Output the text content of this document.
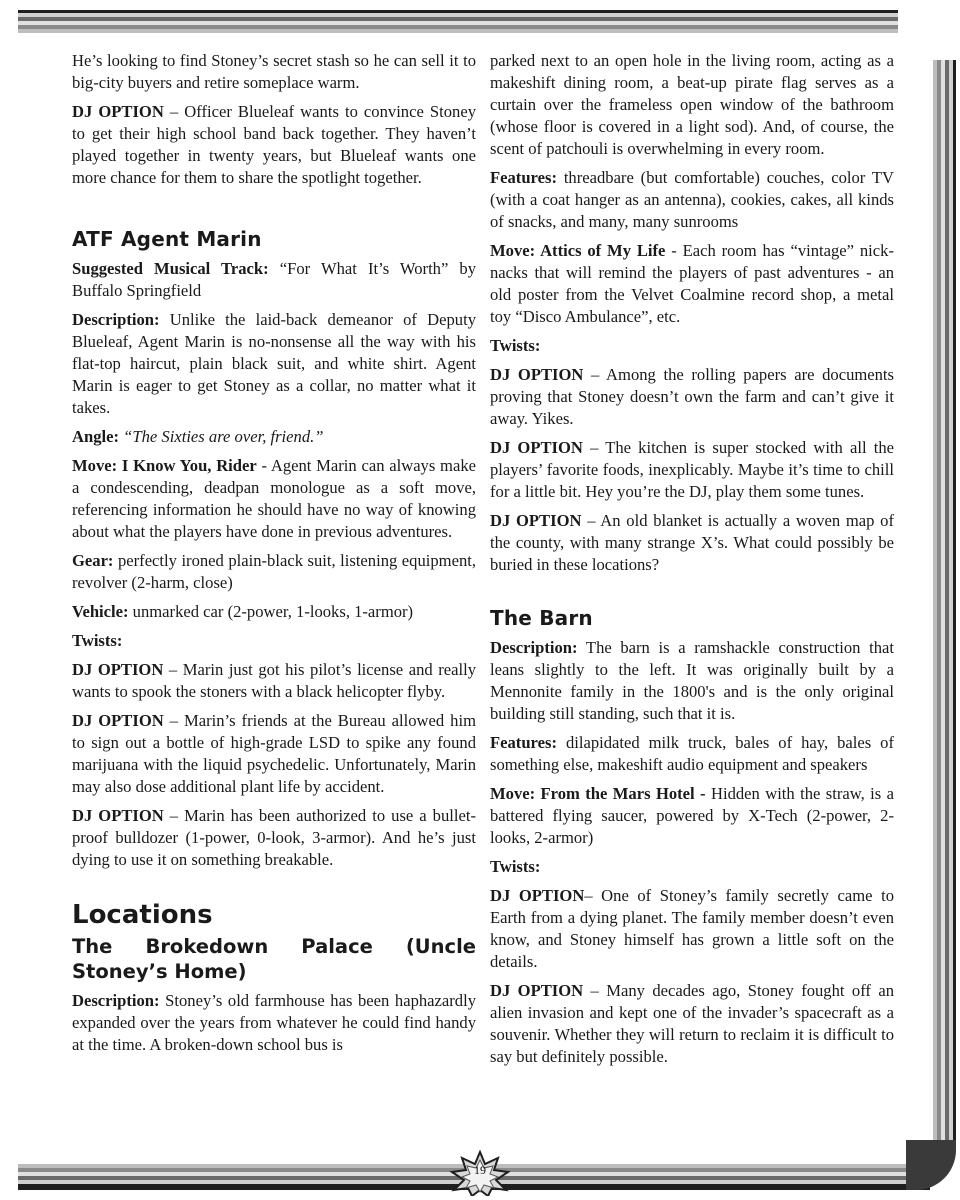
19

He’s looking to find Stoney’s secret stash so he can sell it to big-city buyers and retire someplace warm.

DJ OPTION – Officer Blueleaf wants to convince Stoney to get their high school band back together. They haven’t played together in twenty years, but Blueleaf wants one more chance for them to share the spotlight together.

ATF Agent Marin

Suggested Musical Track: “For What It’s Worth” by Buffalo Springfield

Description: Unlike the laid-back demeanor of Deputy Blueleaf, Agent Marin is no-nonsense all the way with his flat-top haircut, plain black suit, and white shirt. Agent Marin is eager to get Stoney as a collar, no matter what it takes.

Angle: “The Sixties are over, friend.”

Move: I Know You, Rider - Agent Marin can always make a condescending, deadpan monologue as a soft move, referencing information he should have no way of knowing about what the players have done in previous adventures.

Gear: perfectly ironed plain-black suit, listening equipment, revolver (2-harm, close)

Vehicle: unmarked car (2-power, 1-looks, 1-armor)

Twists:

DJ OPTION – Marin just got his pilot’s license and really wants to spook the stoners with a black helicopter flyby.

DJ OPTION – Marin’s friends at the Bureau allowed him to sign out a bottle of high-grade LSD to spike any found marijuana with the liquid psychedelic. Unfortunately, Marin may also dose additional plant life by accident.

DJ OPTION – Marin has been authorized to use a bullet-proof bulldozer (1-power, 0-look, 3-armor). And he’s just dying to use it on something breakable.

Locations
The Brokedown Palace (Uncle Stoney’s Home)

Description: Stoney’s old farmhouse has been haphazardly expanded over the years from whatever he could find handy at the time. A broken-down school bus is

parked next to an open hole in the living room, acting as a makeshift dining room, a beat-up pirate flag serves as a curtain over the frameless open window of the bathroom (whose floor is covered in a light sod). And, of course, the scent of patchouli is overwhelming in every room.

Features: threadbare (but comfortable) couches, color TV (with a coat hanger as an antenna), cookies, cakes, all kinds of snacks, and many, many sunrooms

Move: Attics of My Life - Each room has “vintage” nick-nacks that will remind the players of past adventures - an old poster from the Velvet Coalmine record shop, a metal toy “Disco Ambulance”, etc.

Twists:

DJ OPTION – Among the rolling papers are documents proving that Stoney doesn’t own the farm and can’t give it away. Yikes.

DJ OPTION – The kitchen is super stocked with all the players’ favorite foods, inexplicably. Maybe it’s time to chill for a little bit. Hey you’re the DJ, play them some tunes.

DJ OPTION – An old blanket is actually a woven map of the county, with many strange X’s. What could possibly be buried in these locations?

The Barn

Description: The barn is a ramshackle construction that leans slightly to the left. It was originally built by a Mennonite family in the 1800's and is the only original building still standing, such that it is.

Features: dilapidated milk truck, bales of hay, bales of something else, makeshift audio equipment and speakers

Move: From the Mars Hotel - Hidden with the straw, is a battered flying saucer, powered by X-Tech (2-power, 2-looks, 2-armor)

Twists:

DJ OPTION– One of Stoney’s family secretly came to Earth from a dying planet. The family member doesn’t even know, and Stoney himself has grown a little soft on the details.

DJ OPTION – Many decades ago, Stoney fought off an alien invasion and kept one of the invader’s spacecraft as a souvenir. Whether they will return to reclaim it is difficult to say but definitely possible.
